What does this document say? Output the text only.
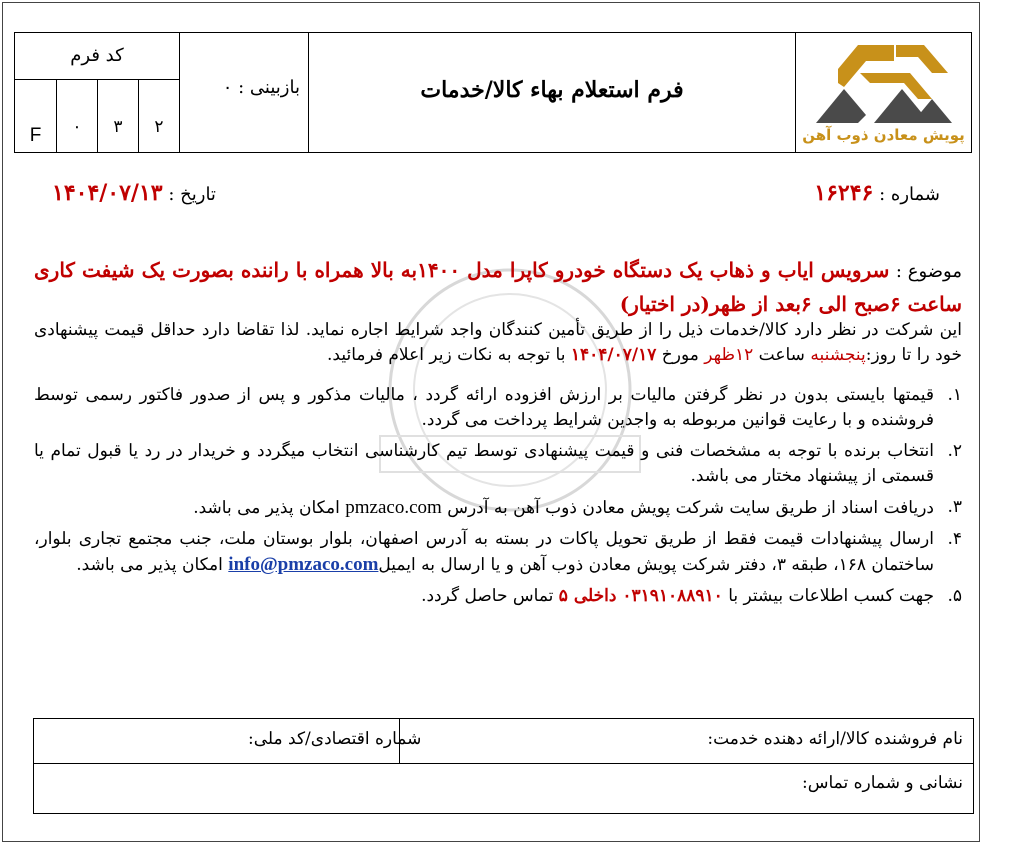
کد فرم
F	۰	۳	۲
بازبینی : ۰	فرم استعلام بهاء کالا/خدمات
پویش معادن ذوب آهن
شماره : ۱۶۲۴۶
تاریخ : ۱۴۰۴/۰۷/۱۳
موضوع : سرویس ایاب و ذهاب یک دستگاه خودرو کاپرا مدل ۱۴۰۰به بالا همراه با راننده بصورت یک شیفت کاری ساعت ۶صبح الی ۶بعد از ظهر(در اختیار)
این شرکت در نظر دارد کالا/خدمات ذیل را از طریق تأمین کنندگان واجد شرایط اجاره نماید. لذا تقاضا دارد حداقل قیمت پیشنهادی خود را تا روز:پنجشنبه ساعت ۱۲ظهر مورخ ۱۴۰۴/۰۷/۱۷ با توجه به نکات زیر اعلام فرمائید.
۱.
قیمتها بایستی بدون در نظر گرفتن مالیات بر ارزش افزوده ارائه گردد ، مالیات مذکور و پس از صدور فاکتور رسمی توسط فروشنده و با رعایت قوانین مربوطه به واجدین شرایط پرداخت می گردد.
۲.
انتخاب برنده با توجه به مشخصات فنی و قیمت پیشنهادی توسط تیم کارشناسی انتخاب میگردد و خریدار در رد یا قبول تمام یا قسمتی از پیشنهاد مختار می باشد.
۳.
دریافت اسناد از طریق سایت شرکت پویش معادن ذوب آهن به آدرس pmzaco.com امکان پذیر می باشد.
۴.
ارسال پیشنهادات قیمت فقط از طریق تحویل پاکات در بسته به آدرس اصفهان، بلوار بوستان ملت، جنب مجتمع تجاری بلوار، ساختمان ۱۶۸، طبقه ۳، دفتر شرکت پویش معادن ذوب آهن و یا ارسال به ایمیلinfo@pmzaco.com امکان پذیر می باشد.
۵.
جهت کسب اطلاعات بیشتر با ۰۳۱۹۱۰۸۸۹۱۰ داخلی ۵ تماس حاصل گردد.
نام فروشنده کالا/ارائه دهنده خدمت:
شماره اقتصادی/کد ملی:
نشانی و شماره تماس:
